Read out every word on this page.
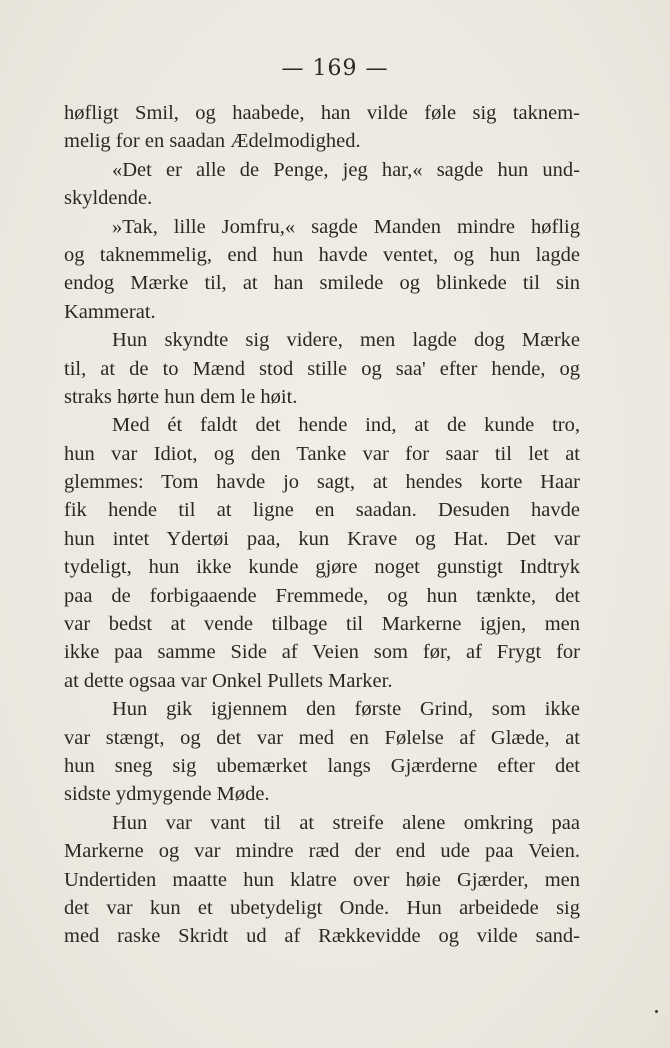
— 169 —
høfligt Smil, og haabede, han vilde føle sig taknem-
melig for en saadan Ædelmodighed.
«Det er alle de Penge, jeg har,« sagde hun und-
skyldende.
»Tak, lille Jomfru,« sagde Manden mindre høflig
og taknemmelig, end hun havde ventet, og hun lagde
endog Mærke til, at han smilede og blinkede til sin
Kammerat.
Hun skyndte sig videre, men lagde dog Mærke
til, at de to Mænd stod stille og saa' efter hende, og
straks hørte hun dem le høit.
Med ét faldt det hende ind, at de kunde tro,
hun var Idiot, og den Tanke var for saar til let at
glemmes: Tom havde jo sagt, at hendes korte Haar
fik hende til at ligne en saadan. Desuden havde
hun intet Ydertøi paa, kun Krave og Hat. Det var
tydeligt, hun ikke kunde gjøre noget gunstigt Indtryk
paa de forbigaaende Fremmede, og hun tænkte, det
var bedst at vende tilbage til Markerne igjen, men
ikke paa samme Side af Veien som før, af Frygt for
at dette ogsaa var Onkel Pullets Marker.
Hun gik igjennem den første Grind, som ikke
var stængt, og det var med en Følelse af Glæde, at
hun sneg sig ubemærket langs Gjærderne efter det
sidste ydmygende Møde.
Hun var vant til at streife alene omkring paa
Markerne og var mindre ræd der end ude paa Veien.
Undertiden maatte hun klatre over høie Gjærder, men
det var kun et ubetydeligt Onde. Hun arbeidede sig
med raske Skridt ud af Rækkevidde og vilde sand-
